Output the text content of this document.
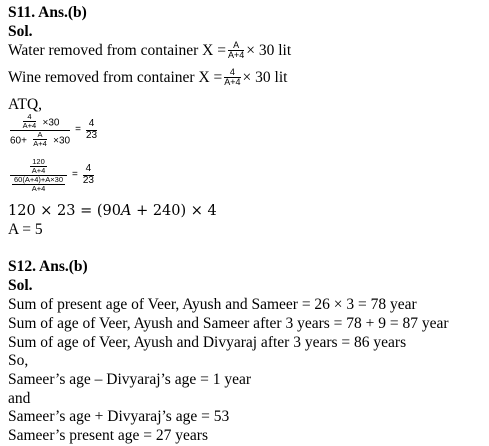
S11. Ans.(b)
Sol.
Water removed from container $X = \frac{A}{A+4} \times 30$ lit
Wine removed from container $X = \frac{4}{A+4} \times 30$ lit
ATQ,
$\frac{\frac{4}{A+4} \times 30}{60+ \frac{A}{A+4} \times 30} = \frac{4}{23}$
$\frac{\frac{120}{A+4}}{\frac{60(A+4)+A\times 30}{A+4}} = \frac{4}{23}$
120 × 23 = (90A + 240) × 4
A = 5
S12. Ans.(b)
Sol.
Sum of present age of Veer, Ayush and Sameer = 26 × 3 = 78 year
Sum of age of Veer, Ayush and Sameer after 3 years = 78 + 9 = 87 year
Sum of age of Veer, Ayush and Divyaraj after 3 years = 86 years
So,
Sameer’s age – Divyaraj’s age = 1 year
and
Sameer’s age + Divyaraj’s age = 53
Sameer’s present age = 27 years
